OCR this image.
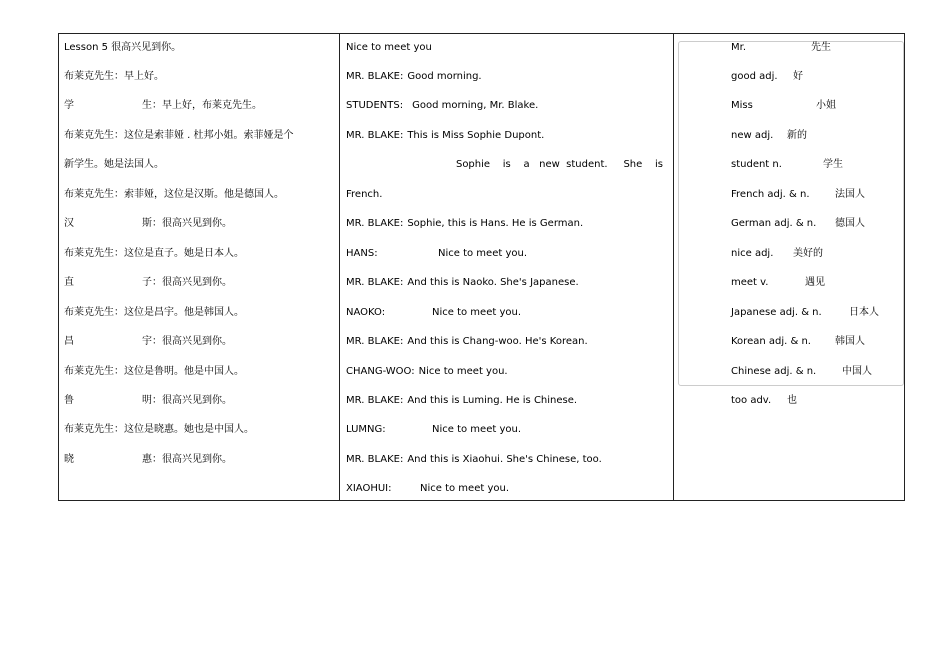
Lesson 5 很高兴见到你。
布莱克先生：早上好。
学	生：早上好，布莱克先生。
布莱克先生：这位是索菲娅 . 杜邦小姐。索菲娅是个
新学生。她是法国人。
布莱克先生：索菲娅，这位是汉斯。他是德国人。
汉	斯：很高兴见到你。
布莱克先生：这位是直子。她是日本人。
直	子：很高兴见到你。
布莱克先生：这位是昌宇。他是韩国人。
昌	宇：很高兴见到你。
布莱克先生：这位是鲁明。他是中国人。
鲁	明：很高兴见到你。
布莱克先生：这位是晓惠。她也是中国人。
晓	惠：很高兴见到你。
Nice to meet you
MR. BLAKE: Good morning.
STUDENTS: Good morning, Mr. Blake.
MR. BLAKE: This is Miss Sophie Dupont.
Sophie    is    a   new  student.     She    is
French.
MR. BLAKE: Sophie, this is Hans. He is German.
HANS:	Nice to meet you.
MR. BLAKE: And this is Naoko. She's Japanese.
NAOKO:	Nice to meet you.
MR. BLAKE: And this is Chang-woo. He's Korean.
CHANG-WOO: Nice to meet you.
MR. BLAKE: And this is Luming. He is Chinese.
LUMNG:	Nice to meet you.
MR. BLAKE: And this is Xiaohui. She's Chinese, too.
XIAOHUI:	Nice to meet you.
Mr.	先生
good adj. 好
Miss	小姐
new adj. 新的
student n.	学生
French adj. & n.	法国人
German adj. & n. 德国人
nice adj. 美好的
meet v.	遇见
Japanese adj. & n.	日本人
Korean adj. & n. 韩国人
Chinese adj. & n.	中国人
too adv. 也
